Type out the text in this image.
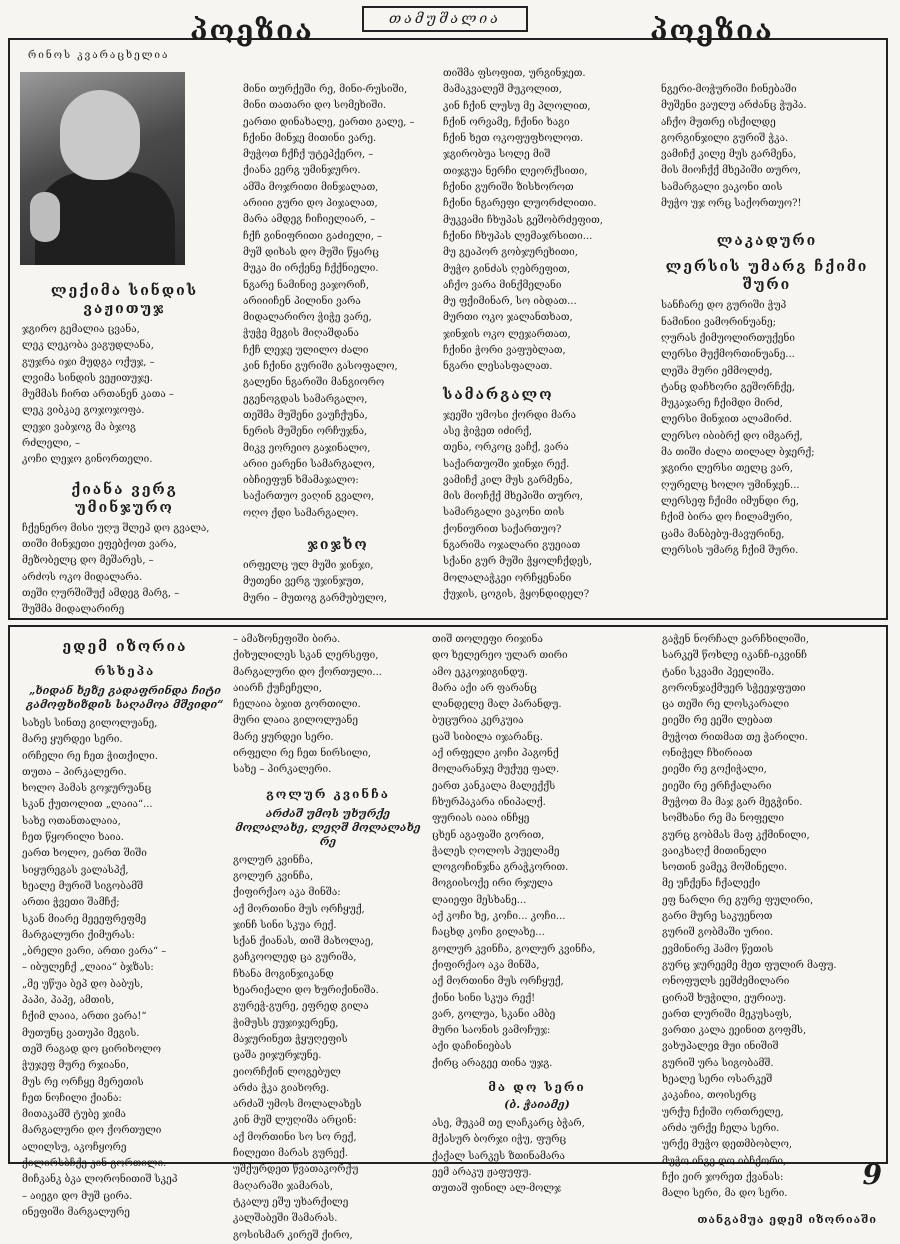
პოეზია	თამუშალია	პოეზია
რინოს კვარაცხელია
ლექიმა სინდის ვაჟითუჯ
ჯგირო გემალია ცვანა,
ლეკ ლეკობა ვაგუდლანა,
გუჯრა იჯი მუდგა ოქუჯ, –
ლვიმა სინდის ვეჟითუჯე.
მუმმას ჩირთ ართანენ კათა –
ლეკ ვიბკაე გოჯოჯოფა.
ლეჯი ვაბჯოგ მა ბჯოგ
რძლელი, –
კოჩი ლეჯო გინორთელი.
ქიანა ვერგ უმინჯურო
ჩქენერო მისი უღუ შლეპ დო გვალა,
თიში მინჯეთი ეფებქოთ ვარა,
მეზობელც დო მეშარეს, –
არძოს ოკო მიდალარა.
თეში ღურშიშუქ ამდეგ მარგ, –
შუშმა მიდალარირე
მინი თურქეში რე, მინი-რუსიში,
მინი თათარი დო სომეხიში.
ეართი დინახალე, ეართი გალე, –
ჩქინი მინჯე მითინი ვარე.
მუჭოთ ჩქჩქ უტეპქერო, –
ქიანა ვერგ უმინჯურო.
ამშა მოჯრითი მინჯალათ,
არიიი გური დო პიჯალათ,
მარა ამდეგ ჩიჩიელიარ, –
ჩქჩ გინიფრითი გაძიელი, –
მუშ დიხას დო მუში წყარც
მუკა მი ირქენე ჩქქნიელი.
ნგარე ნამინიე ვაჯორიჩ,
არიიიჩენ პილინი ვარა
მიდალარირო ჭიჭე ვარე,
ჭუჭე მეგის მიღაშდანა
ჩქჩ ლეჯე ულილო ძალი
კინ ჩქინი გურიში გასოფალო,
გალენი ნგარიში მანგიორო
ეგენოგდას სამარგალო,
თეშმა მუშენი ვაუჩქუნა,
ნერის მუშენი ორჩუჯნა,
მიკვ ეორეიო გაჯინალო,
არიი ეარენი სამარგალო,
იბჩიეფუნ ხმამაჯალო:
საქართუო ვაღინ გვალო,
ოღო ქდი სამარგალო.
ჯიჯხო
ირფელც ულ მუში ჯინჯი,
მუთენი ვერგ უჯინჯუთ,
მური – მუთოგ გარმუბულო,
თიშმა ფსოფით, ურგინჯეთ.
მამაკვალეშ მუკოლით,
კინ ჩქინ ლუსუ მე პლოლით,
ჩქინ ორვამე, ჩქინი ხაგი
ჩქინ ხეთ ოკოფუფხოლოთ.
ჯგირობუა სოლე მიშ
თიჯგუა ნერჩი ლეორქსითი,
ჩქინი გურიში ზისხოროთ
ჩქინი ნგარეფი ლუორძლითი.
მუკვამი ჩხუპას გეშობრძეფით,
ჩქინი ჩხუპას ლემაჯრსითი...
მუ გეაპორ გობჯურეხითი,
მუჭო გინძას ღებრეფით,
აჩქო ვარა მინქმელანი
მუ ფქიმინარ, სო იბდათ...
მურთი ოკო ჯალანთხათ,
ჯინჯის ოკო ლეჯართათ,
ჩქინი ჭორი ვაფუბლათ,
ნგარი ლესასფალათ.
სამარგალო
ჯეეში უმოსი ქორდი მარა
ასე ჭიჭეთ იძირქ,
თენა, ორკოც ვაჩქ, ვარა
საქართუოში ჯინჯი რექ.
ვამიჩქ კილ მუს გარმენა,
მის მიოჩქქ მხეპიში თურო,
სამარგალი ვაკონი თის
ქონიურით საქართუო?
ნგარიშა ოჯალარი გუეიათ
სქანი გურ მუში ჭყოლჩქდეს,
მოლალაჭკეი ორჩყენანი
ქუჯის, ცოგის, ჭყონდიდელ?
ნგერი-მოჭურიში ჩინებაში
მუშენი ვაულუ არძანც ჭუპა.
აჩქო მუთრე ისქილდე
გორგინჯილი გურიშ ჭკა.
ვამიჩქ კილე მუს გარმენა,
მის მიოჩქქ მხეპიში თურო,
სამარგალი ვაკონი თის
მუჭო უჯ ორც საქორთუო?!
ლაკადური
ლერსის უმარგ ჩქიმი შური
სანჩარე დო გურიში ჭუპ
ნამინიი ვამორინუანე;
ღურას ქიმუოლირთუქენი
ლერსი მუქმორთინუანე...
ლეშა მური ემმოლძე,
ტანც დაჩხორი გეშორჩქე,
მუკაჯარე ჩქიმდი მირძ,
ლერსი მინჯით ალამირძ.
ლერსო იბიბრქ დო იმგარქ,
მა თიში ძალა თილალ ბჯერქ;
ჯგირი ლერსი თელც ვარ,
ღურელც ხოლო უმინჯენ...
ლერსეფ ჩქიმი იმუნდი რე,
ჩქიმ ბირა დო ჩილამური,
ცამა მანბებუ-მავურინე,
ლერსის უმარგ ჩქიმ შური.
ედემ იზორია
რსხეპა
„ხიდან ხეზე გადაფრინდა ჩიტი გამოფხიზდის საღამოა მშვიდი“
სახეს სინთე გილოლუანე,
მარე ყურდეი სერი.
ირჩელი რე ჩეთ ჭითქილი.
თუთა – პირკალერი.
ხოლო ჰამას გოჯურუანც
სკან ქუთოლით „ლაია“...
სახე ოთანთალაია,
ჩეთ წყორილი ხაია.
ეართ ხოლო, ეართ შიში
სიყურეგას ვალასპქ,
ხეალე მურიშ სიგობამშ
ართი ჭვეთი შამჩქ;
სკან მიარე მეეეფრეფმე
მარგალური ქიმურას:
„ბრელი ვარი, ართი ვარა“ –
– იბულეჩქ „ლაია“ ბჯზას:
„მე უწუა ბეპ დო ბაბუს,
პაპი, პაპე, ამთის,
ჩქიმ ლაია, ართი ვარა!“
მუთუნც ვათუპი მეგის.
თეშ რაგად დო ცირიხოლო
ჭუჯეფ მურე რჯიანი,
მუს რე ორჩყე მერეთის
ჩეთ ნოჩილი ქიანა:
მითაკამშ ტუბე ჯიმა
მარგალური დო ქორთული
ალილსუ, აკოჩყორე
ქილირსბჩქე კინ გორთილი.
მიჩკანკ ბკა ლორონითიშ სკეპ
– აიეგი დო მუშ ცირა.
ინეფიში მარგალურე
– ამაზონეფიში ბირა.
ქიხულილეს სკან ლერსეფი,
მარგალური დო ქორთული...
აიარჩ ქუჩეჩელი,
ჩელაია ბჯით გორთილი.
მური ლაია გილოლუანე
მარე ყურდეი სერი.
ირფელი რე ჩეთ ნირსილი,
სახე – პირკალერი.
გოლურ კვინჩა
არძაშ უმოს უხურქე მოლალახე, ლეღშ მოლალახე რე
გოლურ კვინჩა,
გოლურ კვინჩა,
ქიფირქაო აკა მინშა:
აქ მორთინი მუს ორჩყუქ,
ჯინჩ სინი სკუა რექ.
სქან ქიანას, თიშ მახოლაე,
გაჩკოოლედ ცა გურიშა,
ჩხანა მოგინჯიკანდ
ხეარიქალი დო ხურიქინიშა.
გურეჭ-გურე, ეფრედ გილა
ჭიმუსს ეუჯიჯერენე,
მაჯურინეთ ჭყუღეფის
ცაშა ეიჯურჯუნე.
ეიორჩქინ ლოგებულ
არძა ჭკა გიახორე.
არძაშ უმოს მოლალახეს
კინ მუშ ლუღიშა არცინ:
აქ მორთინი სო სო რექ,
ჩილეთი მარას გურექ.
უშქურდეთ წვათაკორქუ
მაღარაში ჯამარას,
ტკალუ ეშუ უხარქილე
კალშაბეში შამარას.
გოსისმარ კირეშ ქირო,
თიშ თოლეფი რიჯინა
დო ხელერეო ულარ თირი
ამო ეკკოჯიგინდუ.
მარა აქი არ ფარანც
ლანდელე მალ პარანდუ.
ბუცურია კერკუია
ცაშ სიბილა იჯარანც.
აქ ირფელი კოჩი პაგონქ
მოლარანჯე მუქუე ფალ.
ეართ კანკალა მალექქს
ჩხურპაკარა ინიპალქ.
ფურიას იაია ინჩყე
ცხენ აგაფაში გორით,
ჭალეს ღოლოს პუელამე
ლოგოჩინჯნა გრაჭკორით.
მოგიისოქე ირი რჯულა
ლაიეფი მესხანე...
აქ კოჩი ხე, კოჩი... კოჩი...
ჩაცხდ კოჩი გილახე...
გოლურ კვინჩა, გოლურ კვინჩა,
ქიფირქაო აკა მინშა,
აქ მორთინი მუს ორჩყუქ,
ქინი სინი სკუა რექ!
ვარ, გოლუა, სკანი ამბე
მური საონის ვამოჩუჯ:
აქი დაჩინიებას
ქირც არაგეე თინა უჯგ.
მა დო სერი
(ბ. ჭაიამე)
ასე, მუკამ თე ლაჩკარც ბჭარ,
მქასურ ბორჯი იჭუ, ფურც
ქაქალ სარკეს ზთინამარა
ეემ არაკუ ჟაფუფუ.
თუთაშ ფინილ ალ-მოლჯ
გაჭენ ნორჩალ ვარჩხილიში,
სარკეშ წოხლე იკანჩ-იკვინჩ
ტანი სკვამი პეელიშა.
გორონჯაქმუერ სჭეეჯფუთი
ცა თეში რე ლოსკარალი
ეიეში რე ეეში ლებათ
მუჭოთ რითმათ თე ჭარილი.
ონიჭელ ჩხირიათ
ეიეში რე გოქიჭალი,
ეიეში რე ერჩქალარი
მუჭოთ მა მაჯ გარ მეგჭინი.
სომხანი რე მა ნოფელი
გურც გობმას მაფ კქმინილი,
ვაიკხაღქ მითინელი
სოთინ ვამეკ მოშინელი.
მე უჩქენა ჩქალექი
ეფ ნარლი რე გურე ფულირი,
გარი მურე საკუენოთ
გურიშ გობმაში ურიი.
ევმინირე ჰამო წეთის
გურც ჯურეემე მეთ ფულირ მაფუ.
ონოფულს ეეშძემილარი
ცირაშ ხუჭილი, ეურიაუ.
ეართ ლურიში მეკუსაფს,
ვართი კალა ეეინით გოფმს,
ვახუპალეჲ მუი ინიშიშ
გურიშ ურა სიგობამშ.
ხეალე სერი ოსარკეშ
კაკაჩია, თოისერც
ურქუ ჩქიში ორთრელე,
არძა ურქე ჩელა სერი.
ურქე მუჭო დეთმბობლო,
მუჭო ინგე დო იბჩქორი,
ჩქი ეირ ჯორეთ ქვანას:
მალი სერი, მა დო სერი.
თანგამუა ედემ იზორიაში
9
